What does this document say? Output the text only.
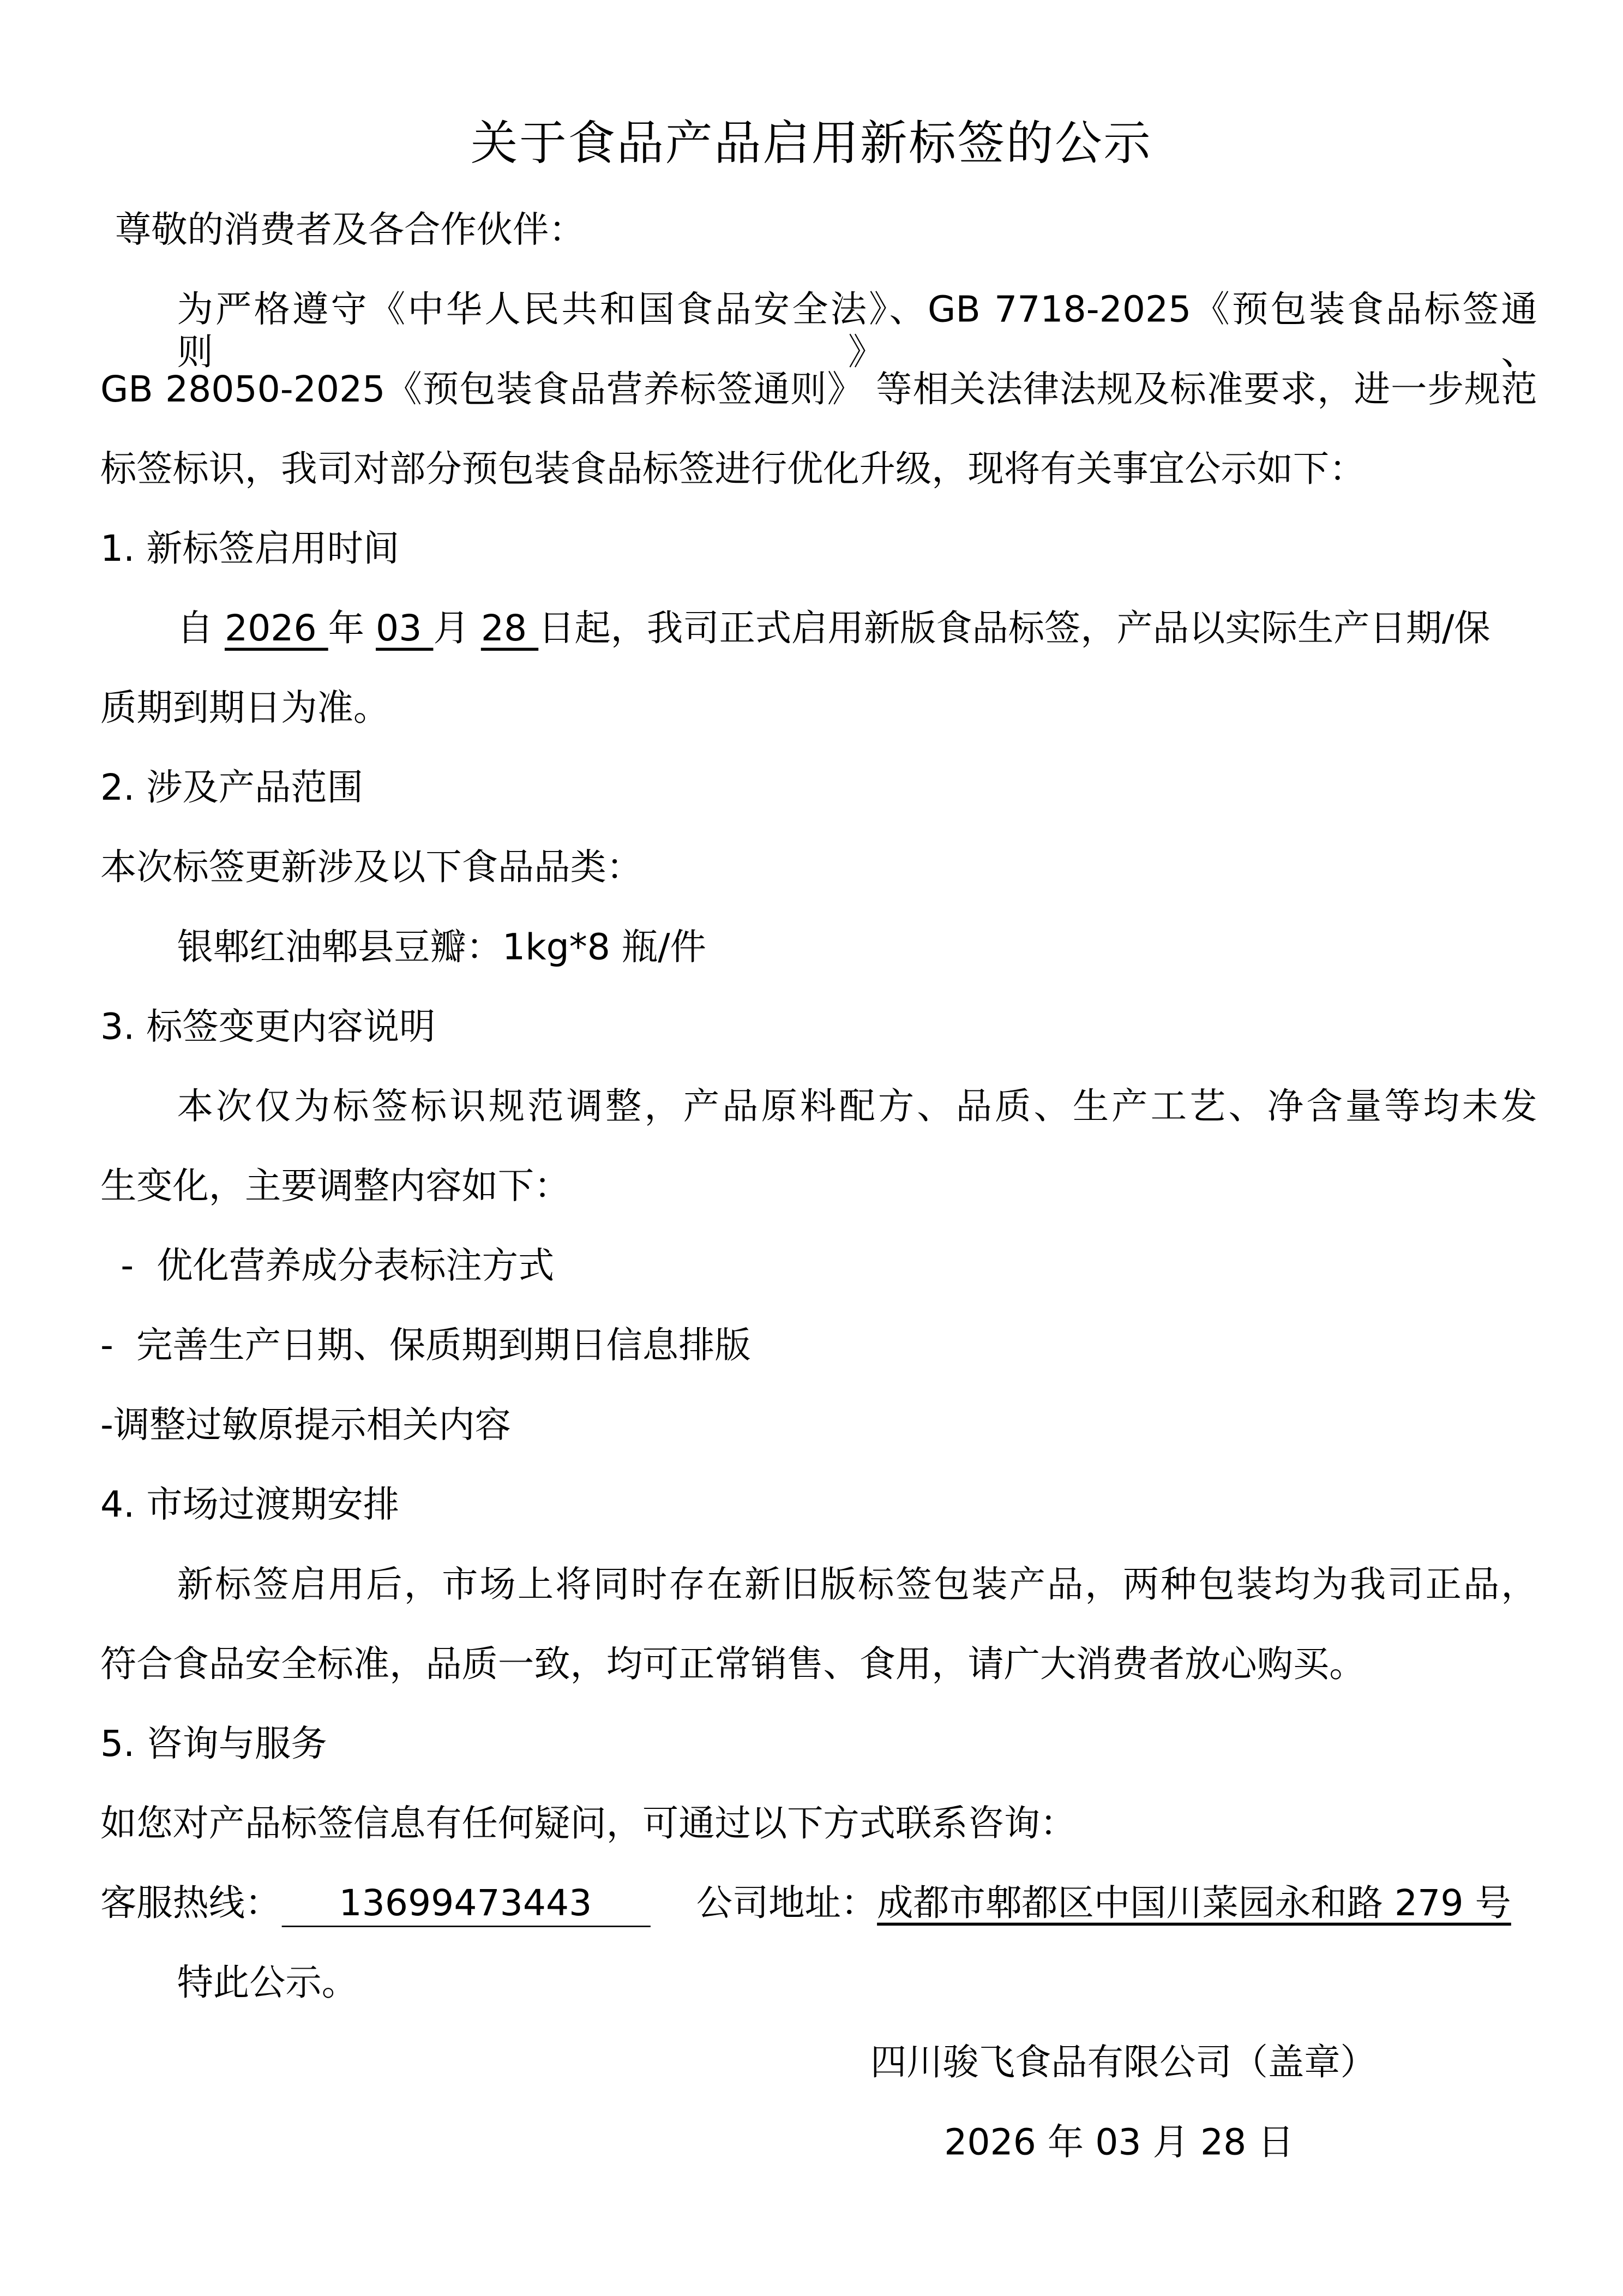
关于食品产品启用新标签的公示
尊敬的消费者及各合作伙伴：
为严格遵守《中华人民共和国食品安全法》、GB 7718-2025《预包装食品标签通则》、
GB 28050-2025《预包装食品营养标签通则》 等相关法律法规及标准要求，进一步规范
标签标识，我司对部分预包装食品标签进行优化升级，现将有关事宜公示如下：
1. 新标签启用时间
自 2026 年 03 月 28 日起，我司正式启用新版食品标签，产品以实际生产日期/保
质期到期日为准。
2. 涉及产品范围
本次标签更新涉及以下食品品类：
银郫红油郫县豆瓣：1kg*8 瓶/件
3. 标签变更内容说明
本次仅为标签标识规范调整，产品原料配方、品质、生产工艺、净含量等均未发
生变化，主要调整内容如下：
-  优化营养成分表标注方式
-  完善生产日期、保质期到期日信息排版
-调整过敏原提示相关内容
4. 市场过渡期安排
新标签启用后，市场上将同时存在新旧版标签包装产品，两种包装均为我司正品，
符合食品安全标准，品质一致，均可正常销售、食用，请广大消费者放心购买。
5. 咨询与服务
如您对产品标签信息有任何疑问，可通过以下方式联系咨询：
客服热线：	13699473443	公司地址：成都市郫都区中国川菜园永和路 279 号
特此公示。
四川骏飞食品有限公司（盖章）
2026 年 03 月 28 日
